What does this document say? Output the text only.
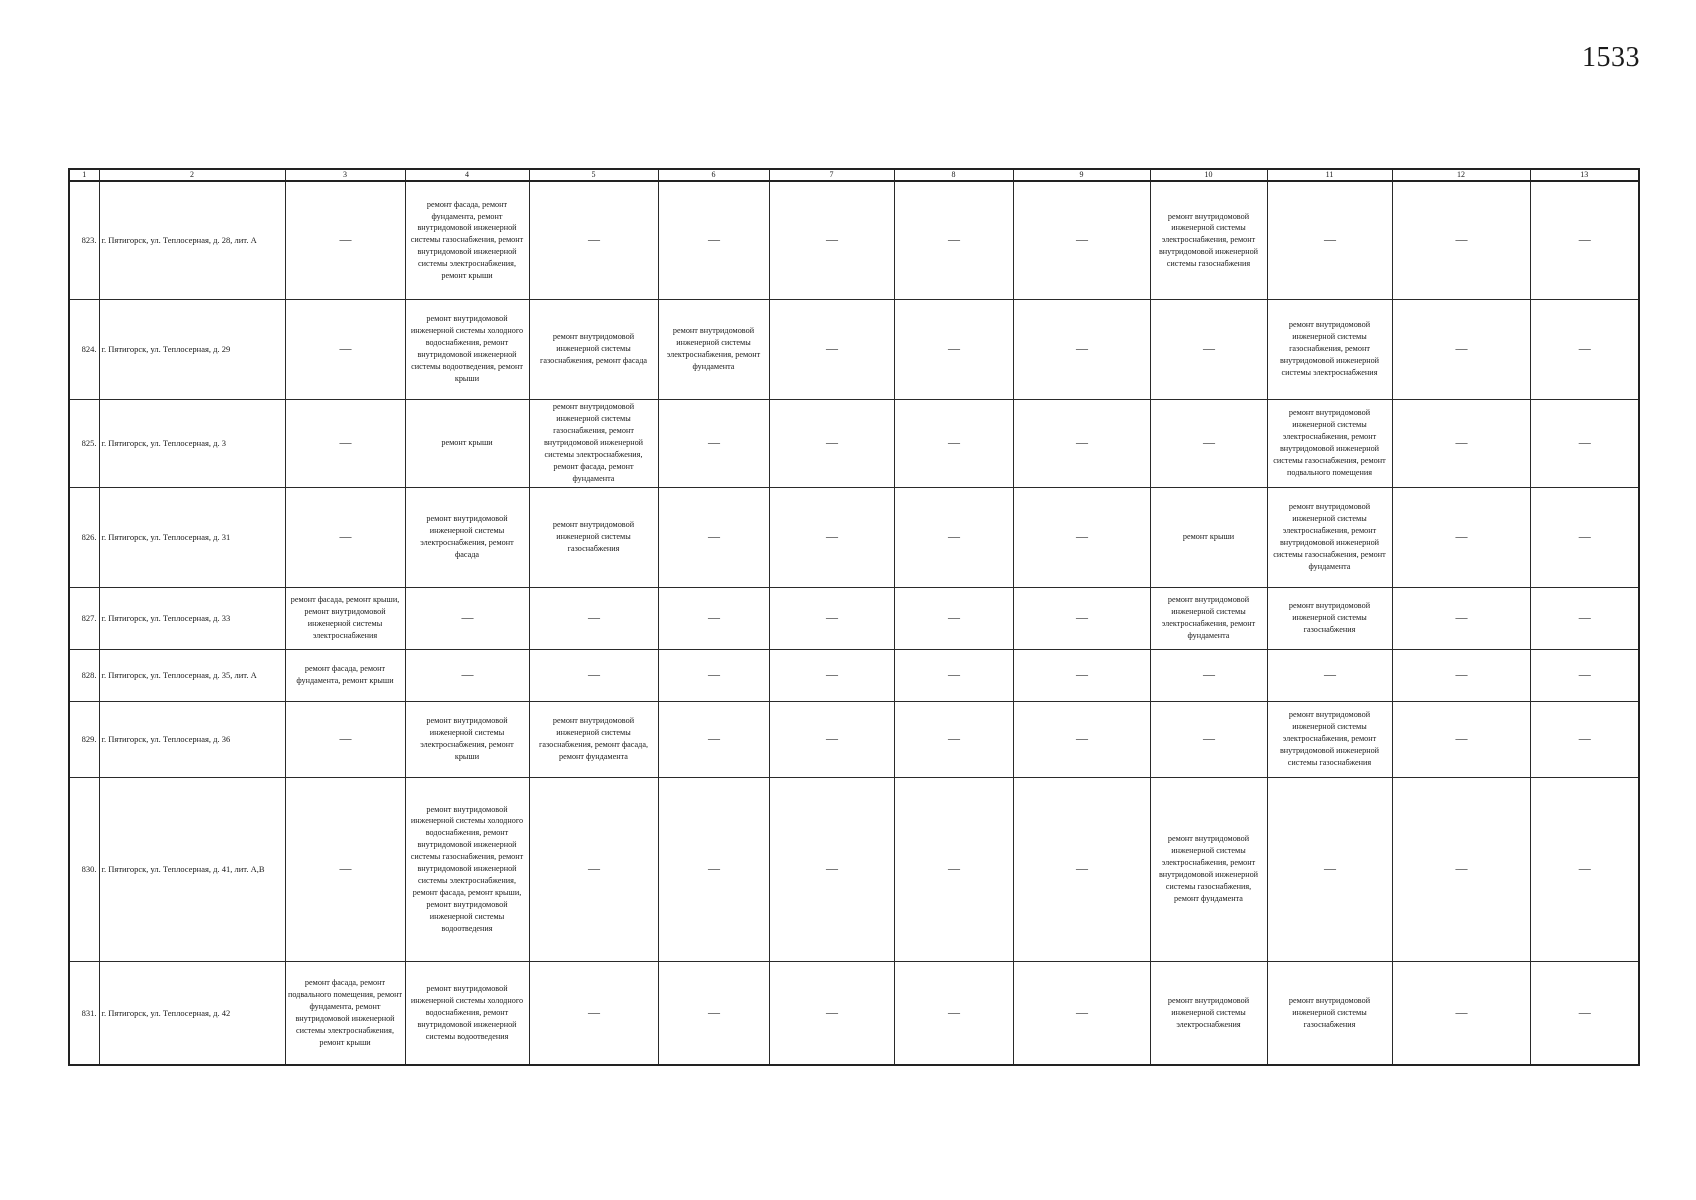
1533
1	2	3	4	5	6	7	8	9	10	11	12	13
823.	г. Пятигорск, ул. Теплосерная, д. 28, лит. А	—	ремонт фасада, ремонт фундамента, ремонт внутридомовой инженерной системы газоснабжения, ремонт внутридомовой инженерной системы электроснабжения, ремонт крыши	—	—	—	—	—	ремонт внутридомовой инженерной системы электроснабжения, ремонт внутридомовой инженерной системы газоснабжения	—	—	—
824.	г. Пятигорск, ул. Теплосерная, д. 29	—	ремонт внутридомовой инженерной системы холодного водоснабжения, ремонт внутридомовой инженерной системы водоотведения, ремонт крыши	ремонт внутридомовой инженерной системы газоснабжения, ремонт фасада	ремонт внутридомовой инженерной системы электроснабжения, ремонт фундамента	—	—	—	—	ремонт внутридомовой инженерной системы газоснабжения, ремонт внутридомовой инженерной системы электроснабжения	—	—
825.	г. Пятигорск, ул. Теплосерная, д. 3	—	ремонт крыши	ремонт внутридомовой инженерной системы газоснабжения, ремонт внутридомовой инженерной системы электроснабжения, ремонт фасада, ремонт фундамента	—	—	—	—	—	ремонт внутридомовой инженерной системы электроснабжения, ремонт внутридомовой инженерной системы газоснабжения, ремонт подвального помещения	—	—
826.	г. Пятигорск, ул. Теплосерная, д. 31	—	ремонт внутридомовой инженерной системы электроснабжения, ремонт фасада	ремонт внутридомовой инженерной системы газоснабжения	—	—	—	—	ремонт крыши	ремонт внутридомовой инженерной системы электроснабжения, ремонт внутридомовой инженерной системы газоснабжения, ремонт фундамента	—	—
827.	г. Пятигорск, ул. Теплосерная, д. 33	ремонт фасада, ремонт крыши, ремонт внутридомовой инженерной системы электроснабжения	—	—	—	—	—	—	ремонт внутридомовой инженерной системы электроснабжения, ремонт фундамента	ремонт внутридомовой инженерной системы газоснабжения	—	—
828.	г. Пятигорск, ул. Теплосерная, д. 35, лит. А	ремонт фасада, ремонт фундамента, ремонт крыши	—	—	—	—	—	—	—	—	—	—
829.	г. Пятигорск, ул. Теплосерная, д. 36	—	ремонт внутридомовой инженерной системы электроснабжения, ремонт крыши	ремонт внутридомовой инженерной системы газоснабжения, ремонт фасада, ремонт фундамента	—	—	—	—	—	ремонт внутридомовой инженерной системы электроснабжения, ремонт внутридомовой инженерной системы газоснабжения	—	—
830.	г. Пятигорск, ул. Теплосерная, д. 41, лит. А,В	—	ремонт внутридомовой инженерной системы холодного водоснабжения, ремонт внутридомовой инженерной системы газоснабжения, ремонт внутридомовой инженерной системы электроснабжения, ремонт фасада, ремонт крыши, ремонт внутридомовой инженерной системы водоотведения	—	—	—	—	—	ремонт внутридомовой инженерной системы электроснабжения, ремонт внутридомовой инженерной системы газоснабжения, ремонт фундамента	—	—	—
831.	г. Пятигорск, ул. Теплосерная, д. 42	ремонт фасада, ремонт подвального помещения, ремонт фундамента, ремонт внутридомовой инженерной системы электроснабжения, ремонт крыши	ремонт внутридомовой инженерной системы холодного водоснабжения, ремонт внутридомовой инженерной системы водоотведения	—	—	—	—	—	ремонт внутридомовой инженерной системы электроснабжения	ремонт внутридомовой инженерной системы газоснабжения	—	—
